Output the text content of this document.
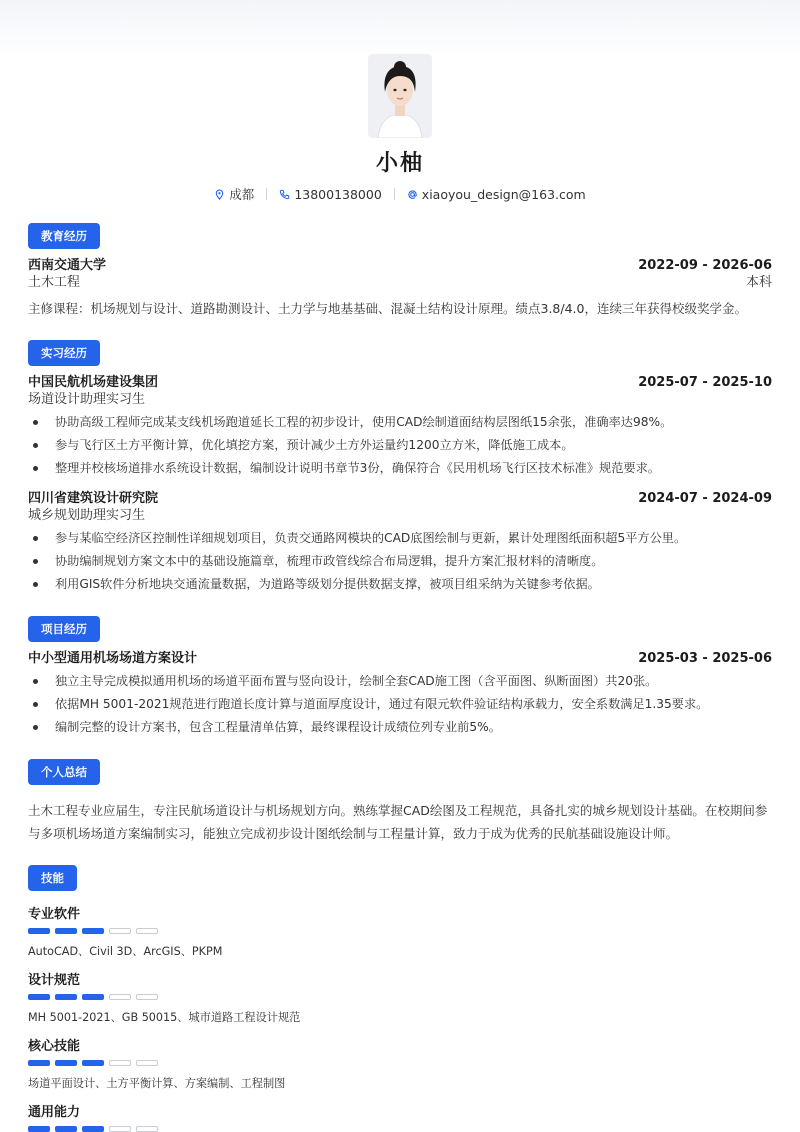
小柚
成都	13800138000	xiaoyou_design@163.com
教育经历
西南交通大学	2022-09 - 2026-06
土木工程	本科
主修课程：机场规划与设计、道路勘测设计、土力学与地基基础、混凝土结构设计原理。绩点3.8/4.0，连续三年获得校级奖学金。
实习经历
中国民航机场建设集团	2025-07 - 2025-10
场道设计助理实习生
协助高级工程师完成某支线机场跑道延长工程的初步设计，使用CAD绘制道面结构层图纸15余张，准确率达98%。
参与飞行区土方平衡计算，优化填挖方案，预计减少土方外运量约1200立方米，降低施工成本。
整理并校核场道排水系统设计数据，编制设计说明书章节3份，确保符合《民用机场飞行区技术标准》规范要求。
四川省建筑设计研究院	2024-07 - 2024-09
城乡规划助理实习生
参与某临空经济区控制性详细规划项目，负责交通路网模块的CAD底图绘制与更新，累计处理图纸面积超5平方公里。
协助编制规划方案文本中的基础设施篇章，梳理市政管线综合布局逻辑，提升方案汇报材料的清晰度。
利用GIS软件分析地块交通流量数据，为道路等级划分提供数据支撑，被项目组采纳为关键参考依据。
项目经历
中小型通用机场场道方案设计	2025-03 - 2025-06
独立主导完成模拟通用机场的场道平面布置与竖向设计，绘制全套CAD施工图（含平面图、纵断面图）共20张。
依据MH 5001-2021规范进行跑道长度计算与道面厚度设计，通过有限元软件验证结构承载力，安全系数满足1.35要求。
编制完整的设计方案书，包含工程量清单估算，最终课程设计成绩位列专业前5%。
个人总结
土木工程专业应届生，专注民航场道设计与机场规划方向。熟练掌握CAD绘图及工程规范，具备扎实的城乡规划设计基础。在校期间参与多项机场场道方案编制实习，能独立完成初步设计图纸绘制与工程量计算，致力于成为优秀的民航基础设施设计师。
技能
专业软件
AutoCAD、Civil 3D、ArcGIS、PKPM
设计规范
MH 5001-2021、GB 50015、城市道路工程设计规范
核心技能
场道平面设计、土方平衡计算、方案编制、工程制图
通用能力
